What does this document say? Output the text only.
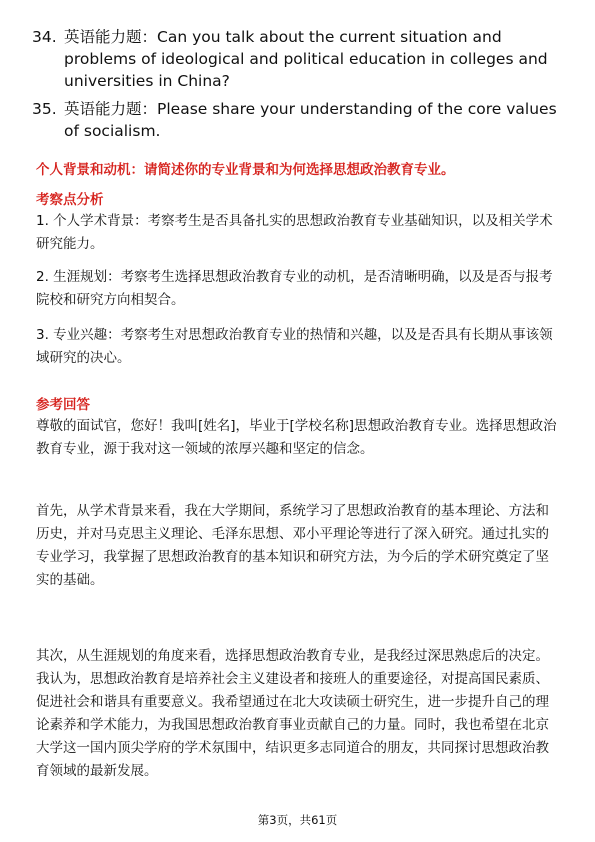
34. 英语能力题：Can you talk about the current situation and problems of ideological and political education in colleges and universities in China?
35. 英语能力题：Please share your understanding of the core values of socialism.
个人背景和动机：请简述你的专业背景和为何选择思想政治教育专业。
考察点分析
1. 个人学术背景：考察考生是否具备扎实的思想政治教育专业基础知识，以及相关学术研究能力。
2. 生涯规划：考察考生选择思想政治教育专业的动机，是否清晰明确，以及是否与报考院校和研究方向相契合。
3. 专业兴趣：考察考生对思想政治教育专业的热情和兴趣，以及是否具有长期从事该领域研究的决心。
参考回答
尊敬的面试官，您好！我叫[姓名]，毕业于[学校名称]思想政治教育专业。选择思想政治教育专业，源于我对这一领域的浓厚兴趣和坚定的信念。
首先，从学术背景来看，我在大学期间，系统学习了思想政治教育的基本理论、方法和历史，并对马克思主义理论、毛泽东思想、邓小平理论等进行了深入研究。通过扎实的专业学习，我掌握了思想政治教育的基本知识和研究方法，为今后的学术研究奠定了坚实的基础。
其次，从生涯规划的角度来看，选择思想政治教育专业，是我经过深思熟虑后的决定。我认为，思想政治教育是培养社会主义建设者和接班人的重要途径，对提高国民素质、促进社会和谐具有重要意义。我希望通过在北大攻读硕士研究生，进一步提升自己的理论素养和学术能力，为我国思想政治教育事业贡献自己的力量。同时，我也希望在北京大学这一国内顶尖学府的学术氛围中，结识更多志同道合的朋友，共同探讨思想政治教育领域的最新发展。
第3页，共61页
